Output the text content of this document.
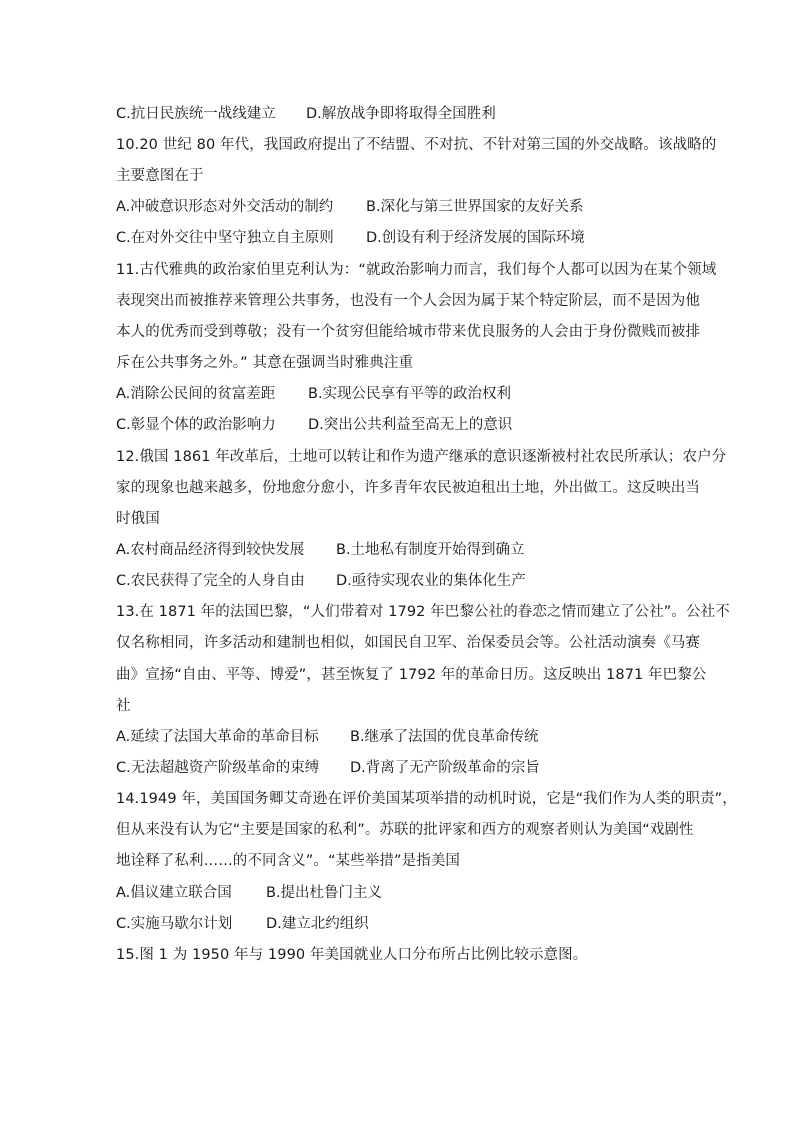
C.抗日民族统一战线建立 D.解放战争即将取得全国胜利
10.20 世纪 80 年代，我国政府提出了不结盟、不对抗、不针对第三国的外交战略。该战略的
主要意图在于
A.冲破意识形态对外交活动的制约 B.深化与第三世界国家的友好关系
C.在对外交往中坚守独立自主原则 D.创设有利于经济发展的国际环境
11.古代雅典的政治家伯里克利认为：“就政治影响力而言，我们每个人都可以因为在某个领域
表现突出而被推荐来管理公共事务，也没有一个人会因为属于某个特定阶层，而不是因为他
本人的优秀而受到尊敬；没有一个贫穷但能给城市带来优良服务的人会由于身份微贱而被排
斥在公共事务之外。” 其意在强调当时雅典注重
A.消除公民间的贫富差距 B.实现公民享有平等的政治权利
C.彰显个体的政治影响力 D.突出公共利益至高无上的意识
12.俄国 1861 年改革后，土地可以转让和作为遗产继承的意识逐渐被村社农民所承认；农户分
家的现象也越来越多，份地愈分愈小，许多青年农民被迫租出土地，外出做工。这反映出当
时俄国
A.农村商品经济得到较快发展 B.土地私有制度开始得到确立
C.农民获得了完全的人身自由 D.亟待实现农业的集体化生产
13.在 1871 年的法国巴黎，“人们带着对 1792 年巴黎公社的眷恋之情而建立了公社”。公社不
仅名称相同，许多活动和建制也相似，如国民自卫军、治保委员会等。公社活动演奏《马赛
曲》宣扬“自由、平等、博爱”，甚至恢复了 1792 年的革命日历。这反映出 1871 年巴黎公
社
A.延续了法国大革命的革命目标 B.继承了法国的优良革命传统
C.无法超越资产阶级革命的束缚 D.背离了无产阶级革命的宗旨
14.1949 年，美国国务卿艾奇逊在评价美国某项举措的动机时说，它是“我们作为人类的职责”，
但从来没有认为它“主要是国家的私利”。苏联的批评家和西方的观察者则认为美国“戏剧性
地诠释了私利……的不同含义”。“某些举措”是指美国
A.倡议建立联合国 B.提出杜鲁门主义
C.实施马歇尔计划 D.建立北约组织
15.图 1 为 1950 年与 1990 年美国就业人口分布所占比例比较示意图。
